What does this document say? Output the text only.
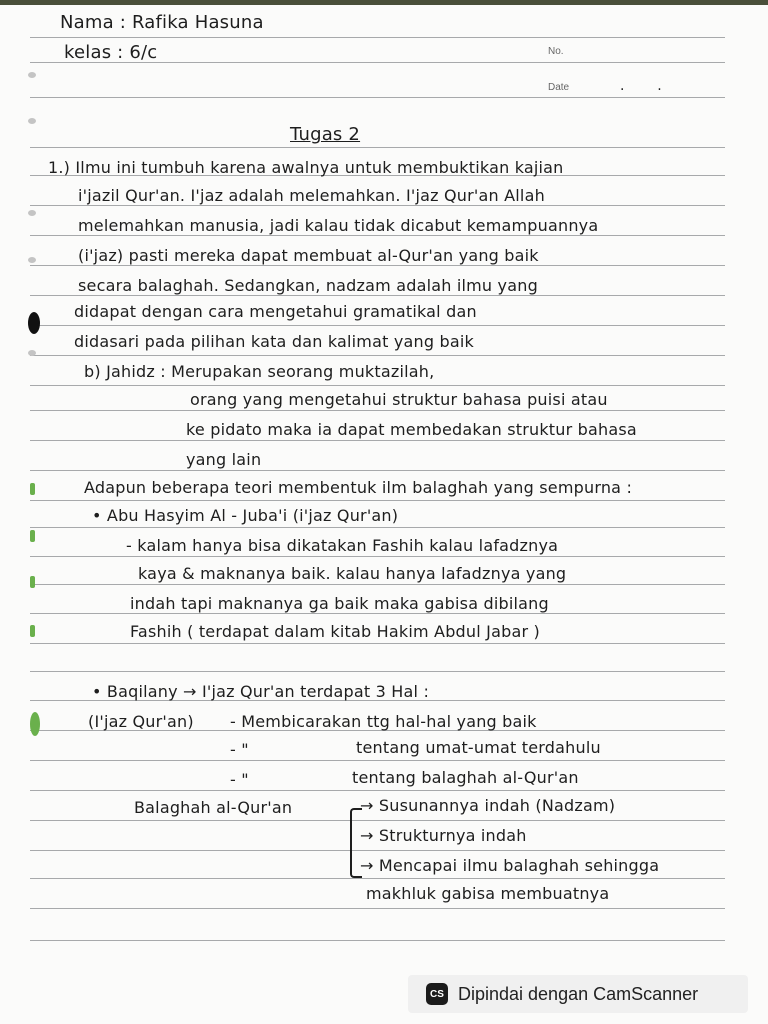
Nama : Rafika Hasuna
kelas : 6/c	No.
Date	.       .
Tugas 2
1.) Ilmu ini tumbuh karena awalnya untuk membuktikan kajian
i'jazil Qur'an. I'jaz adalah melemahkan. I'jaz Qur'an Allah
melemahkan manusia, jadi kalau tidak dicabut kemampuannya
(i'jaz) pasti mereka dapat membuat al-Qur'an yang baik
secara balaghah. Sedangkan, nadzam adalah ilmu yang
didapat dengan cara mengetahui gramatikal dan
didasari pada pilihan kata dan kalimat yang baik
b) Jahidz : Merupakan seorang muktazilah,
orang yang mengetahui struktur bahasa puisi atau
ke pidato maka ia dapat membedakan struktur bahasa
yang lain
Adapun beberapa teori membentuk ilm balaghah yang sempurna :
• Abu Hasyim Al - Juba'i (i'jaz Qur'an)
- kalam hanya bisa dikatakan Fashih kalau lafadznya
kaya & maknanya baik. kalau hanya lafadznya yang
indah tapi maknanya ga baik maka gabisa dibilang
Fashih ( terdapat dalam kitab Hakim Abdul Jabar )
• Baqilany → I'jaz Qur'an terdapat 3 Hal :
(I'jaz Qur'an) - Membicarakan ttg hal-hal yang baik
- "	tentang umat-umat terdahulu
- "	tentang balaghah al-Qur'an
Balaghah al-Qur'an	→ Susunannya indah (Nadzam)
→ Strukturnya indah
→ Mencapai ilmu balaghah sehingga
makhluk gabisa membuatnya
CS Dipindai dengan CamScanner
